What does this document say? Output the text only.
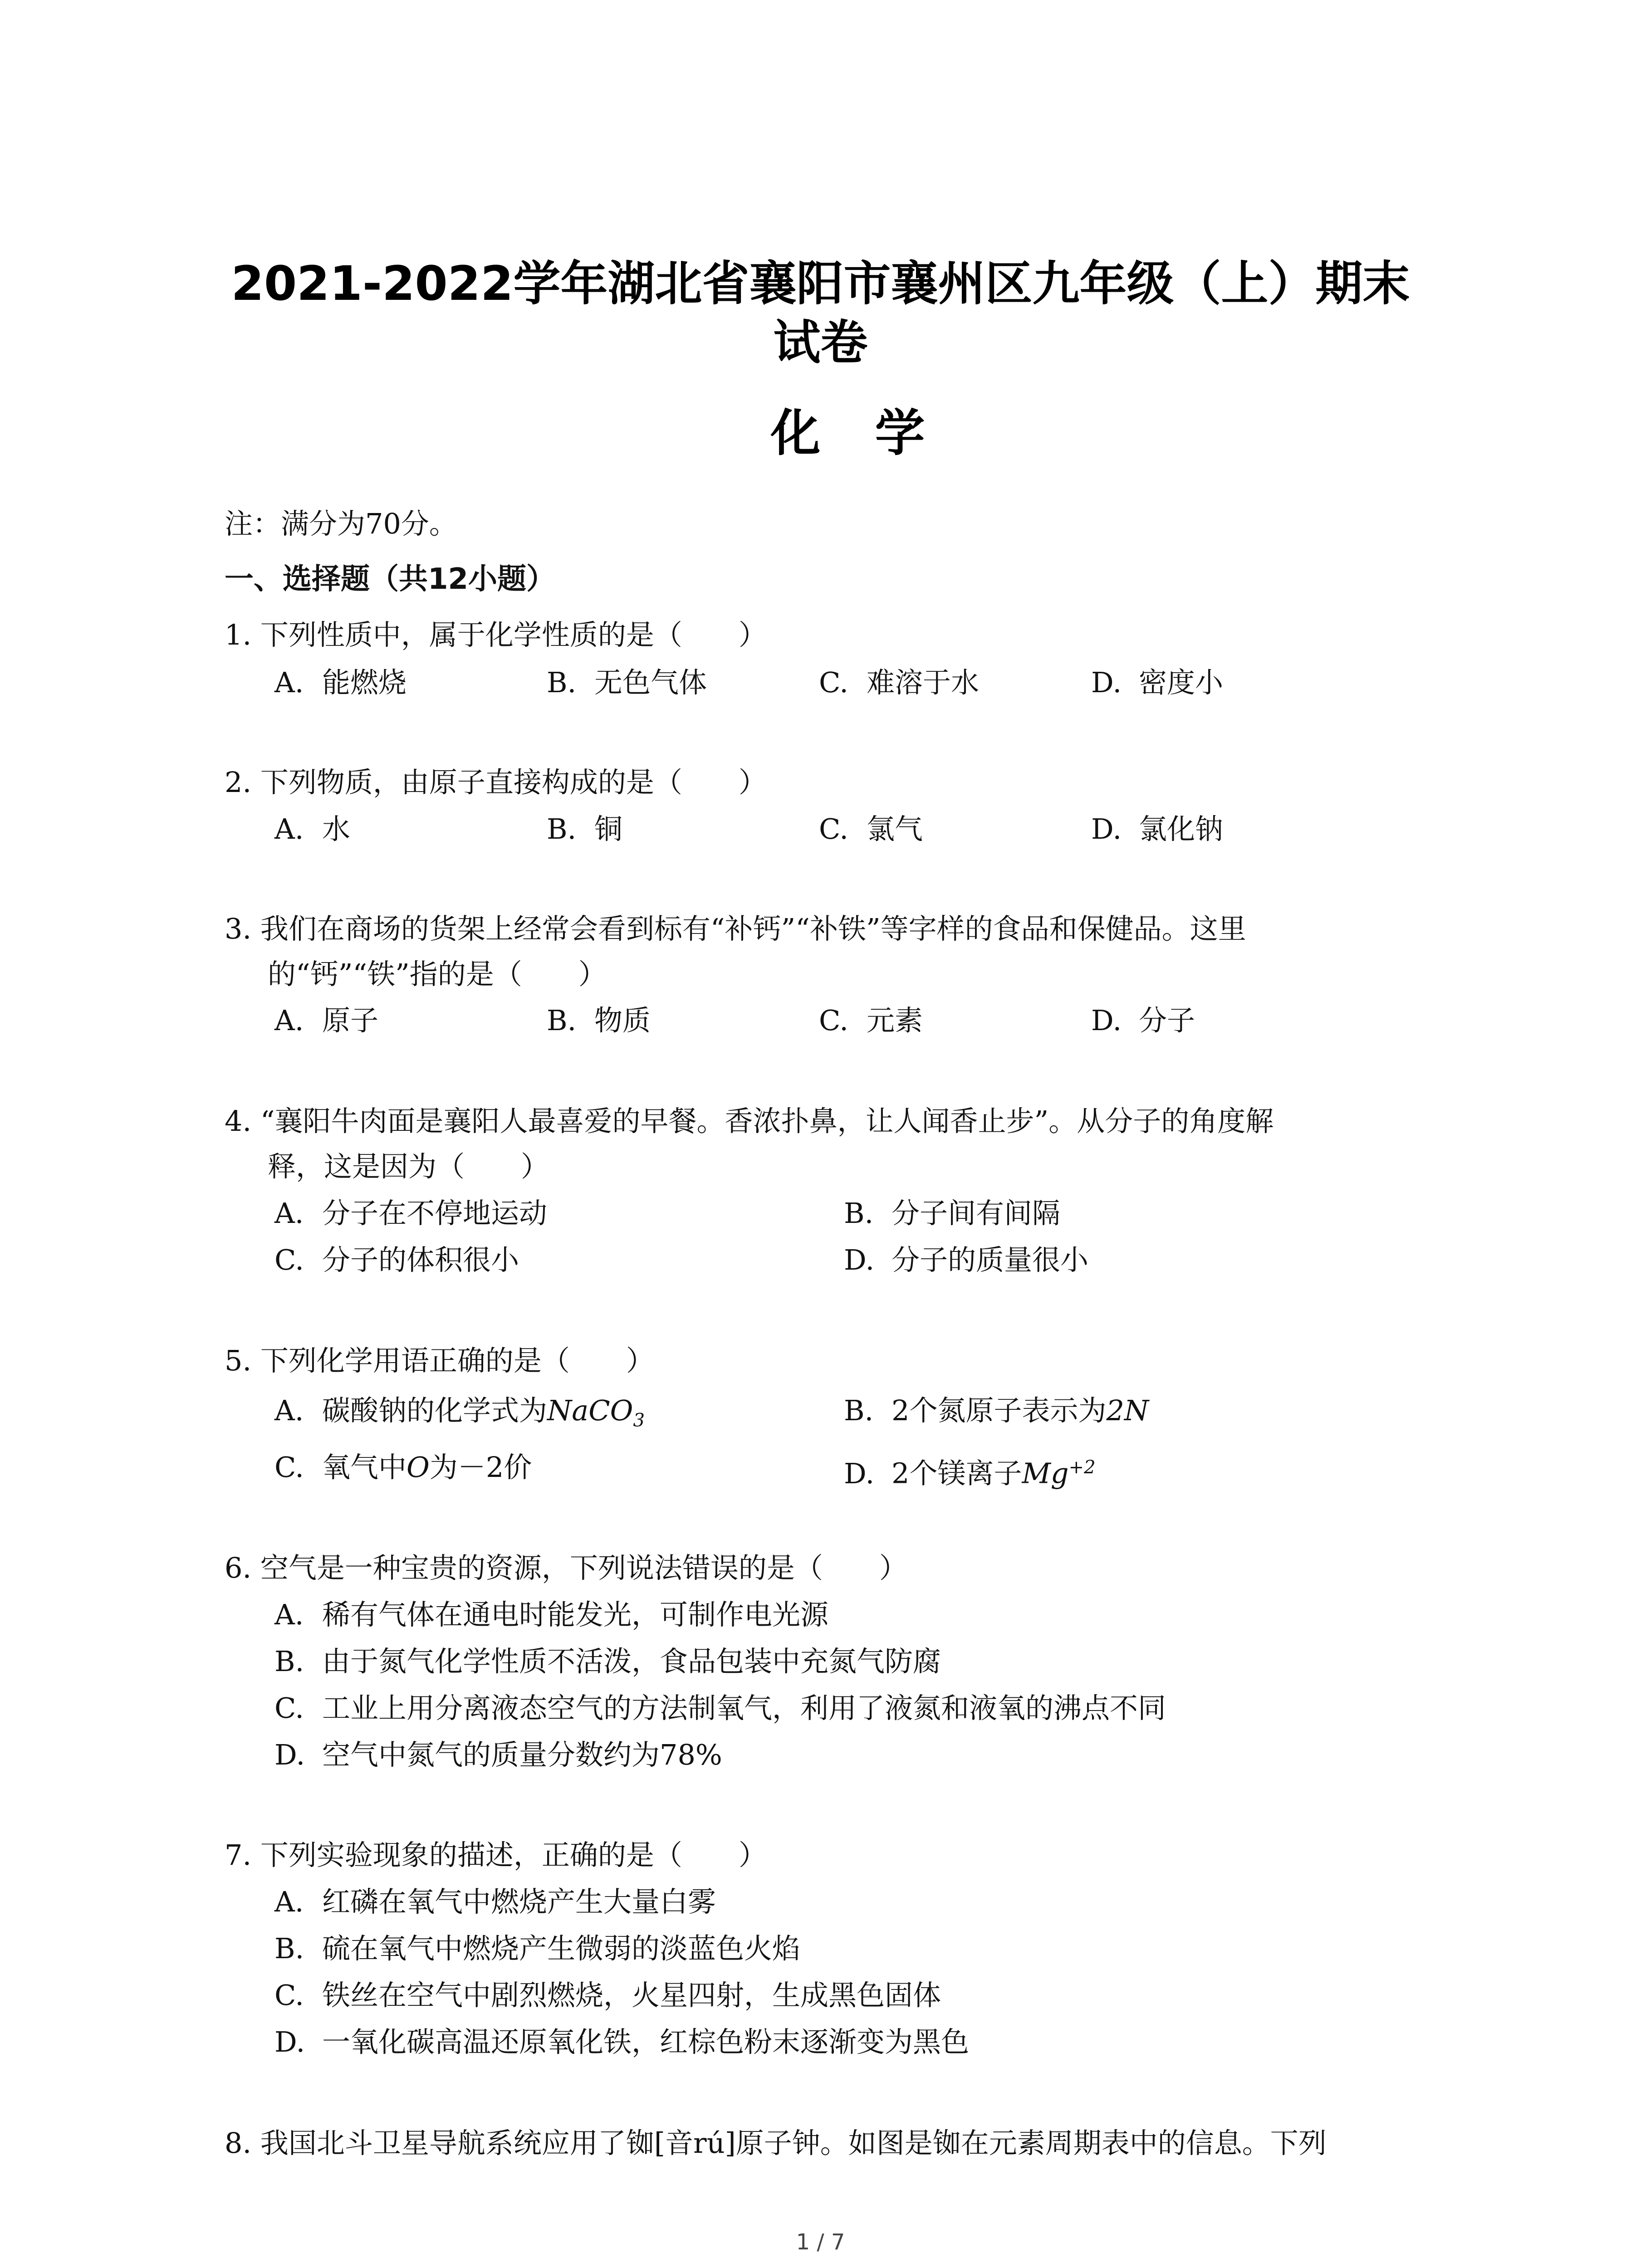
2021-2022学年湖北省襄阳市襄州区九年级（上）期末
试卷
化学
注：满分为70分。
一、选择题（共12小题）
1. 下列性质中，属于化学性质的是（　　）
A. 能燃烧	B. 无色气体	C. 难溶于水	D. 密度小
2. 下列物质，由原子直接构成的是（　　）
A. 水	B. 铜	C. 氯气	D. 氯化钠
3. 我们在商场的货架上经常会看到标有“补钙”“补铁”等字样的食品和保健品。这里
的“钙”“铁”指的是（　　）
A. 原子	B. 物质	C. 元素	D. 分子
4. “襄阳牛肉面是襄阳人最喜爱的早餐。香浓扑鼻，让人闻香止步”。从分子的角度解
释，这是因为（　　）
A. 分子在不停地运动	B. 分子间有间隔
C. 分子的体积很小	D. 分子的质量很小
5. 下列化学用语正确的是（　　）
A. 碳酸钠的化学式为NaCO$_3$	B. 2个氮原子表示为2N
C. 氧气中O为－2价	D. 2个镁离子$Mg^{+2}$
6. 空气是一种宝贵的资源，下列说法错误的是（　　）
A. 稀有气体在通电时能发光，可制作电光源
B. 由于氮气化学性质不活泼，食品包装中充氮气防腐
C. 工业上用分离液态空气的方法制氧气，利用了液氮和液氧的沸点不同
D. 空气中氮气的质量分数约为78%
7. 下列实验现象的描述，正确的是（　　）
A. 红磷在氧气中燃烧产生大量白雾
B. 硫在氧气中燃烧产生微弱的淡蓝色火焰
C. 铁丝在空气中剧烈燃烧，火星四射，生成黑色固体
D. 一氧化碳高温还原氧化铁，红棕色粉末逐渐变为黑色
8. 我国北斗卫星导航系统应用了铷[音rú]原子钟。如图是铷在元素周期表中的信息。下列
1 / 7
